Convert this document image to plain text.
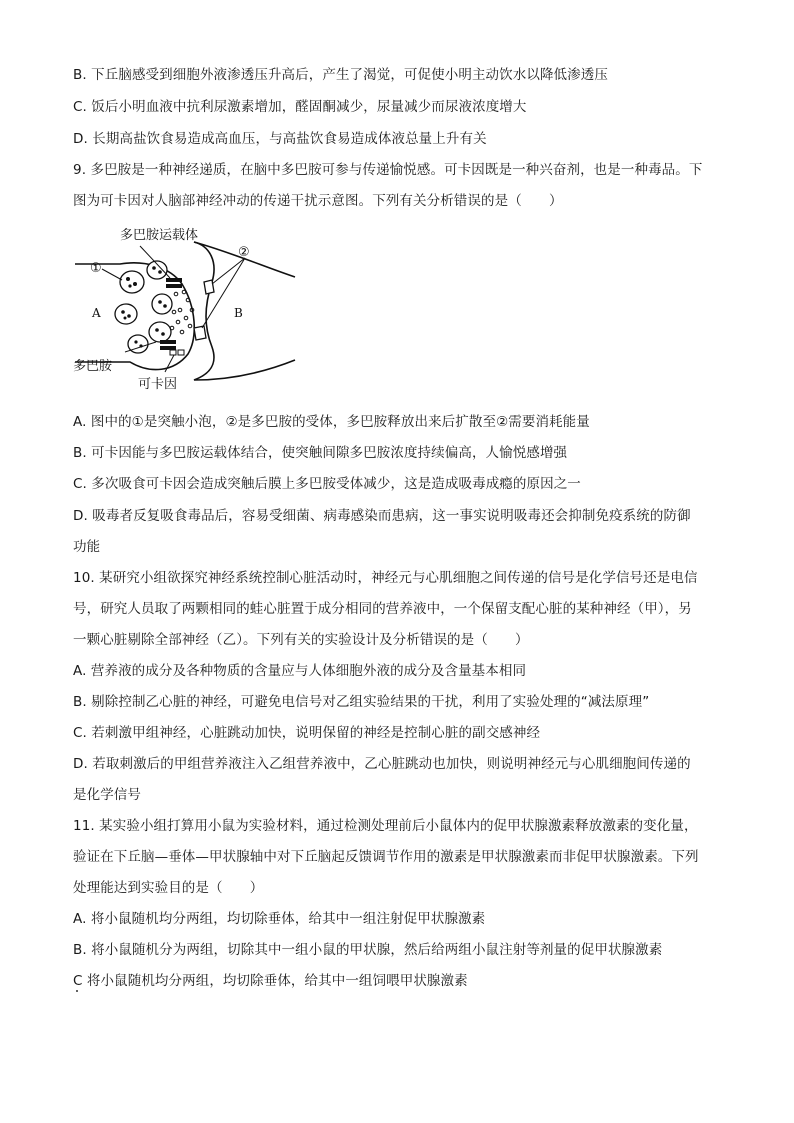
B. 下丘脑感受到细胞外液渗透压升高后，产生了渴觉，可促使小明主动饮水以降低渗透压
C. 饭后小明血液中抗利尿激素增加，醛固酮减少，尿量减少而尿液浓度增大
D. 长期高盐饮食易造成高血压，与高盐饮食易造成体液总量上升有关
9. 多巴胺是一种神经递质，在脑中多巴胺可参与传递愉悦感。可卡因既是一种兴奋剂，也是一种毒品。下
图为可卡因对人脑部神经冲动的传递干扰示意图。下列有关分析错误的是（　　）
多巴胺运载体
②
①
A	B
多巴胺
可卡因
A. 图中的①是突触小泡，②是多巴胺的受体，多巴胺释放出来后扩散至②需要消耗能量
B. 可卡因能与多巴胺运载体结合，使突触间隙多巴胺浓度持续偏高，人愉悦感增强
C. 多次吸食可卡因会造成突触后膜上多巴胺受体减少，这是造成吸毒成瘾的原因之一
D. 吸毒者反复吸食毒品后，容易受细菌、病毒感染而患病，这一事实说明吸毒还会抑制免疫系统的防御
功能
10. 某研究小组欲探究神经系统控制心脏活动时，神经元与心肌细胞之间传递的信号是化学信号还是电信
号，研究人员取了两颗相同的蛙心脏置于成分相同的营养液中，一个保留支配心脏的某种神经（甲），另
一颗心脏剔除全部神经（乙）。下列有关的实验设计及分析错误的是（　　）
A. 营养液的成分及各种物质的含量应与人体细胞外液的成分及含量基本相同
B. 剔除控制乙心脏的神经，可避免电信号对乙组实验结果的干扰，利用了实验处理的“减法原理”
C. 若刺激甲组神经，心脏跳动加快，说明保留的神经是控制心脏的副交感神经
D. 若取刺激后的甲组营养液注入乙组营养液中，乙心脏跳动也加快，则说明神经元与心肌细胞间传递的
是化学信号
11. 某实验小组打算用小鼠为实验材料，通过检测处理前后小鼠体内的促甲状腺激素释放激素的变化量，
验证在下丘脑—垂体—甲状腺轴中对下丘脑起反馈调节作用的激素是甲状腺激素而非促甲状腺激素。下列
处理能达到实验目的是（　　）
A. 将小鼠随机均分两组，均切除垂体，给其中一组注射促甲状腺激素
B. 将小鼠随机分为两组，切除其中一组小鼠的甲状腺，然后给两组小鼠注射等剂量的促甲状腺激素
C 将小鼠随机均分两组，均切除垂体，给其中一组饲喂甲状腺激素
